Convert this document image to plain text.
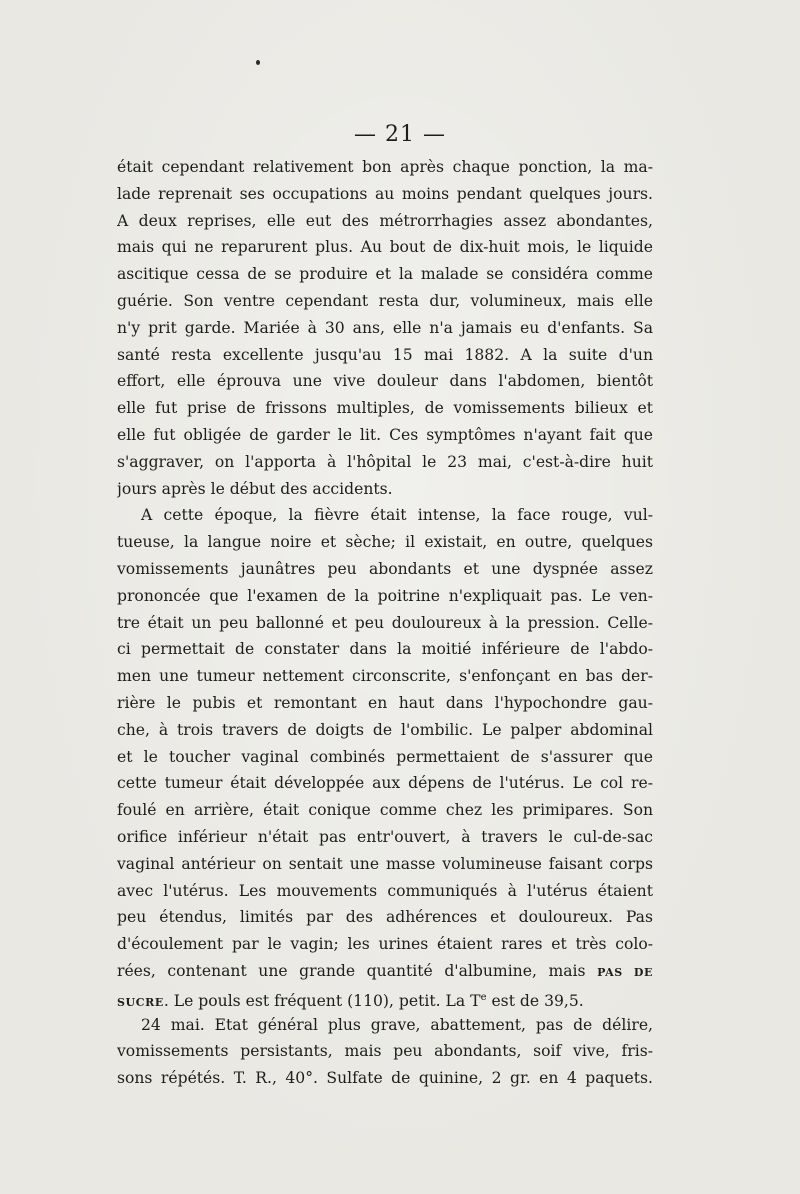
— 21 —
était cependant relativement bon après chaque ponction, la ma-
lade reprenait ses occupations au moins pendant quelques jours.
A deux reprises, elle eut des métrorrhagies assez abondantes,
mais qui ne reparurent plus. Au bout de dix-huit mois, le liquide
ascitique cessa de se produire et la malade se considéra comme
guérie. Son ventre cependant resta dur, volumineux, mais elle
n'y prit garde. Mariée à 30 ans, elle n'a jamais eu d'enfants. Sa
santé resta excellente jusqu'au 15 mai 1882. A la suite d'un
effort, elle éprouva une vive douleur dans l'abdomen, bientôt
elle fut prise de frissons multiples, de vomissements bilieux et
elle fut obligée de garder le lit. Ces symptômes n'ayant fait que
s'aggraver, on l'apporta à l'hôpital le 23 mai, c'est-à-dire huit
jours après le début des accidents.
A cette époque, la fièvre était intense, la face rouge, vul-
tueuse, la langue noire et sèche; il existait, en outre, quelques
vomissements jaunâtres peu abondants et une dyspnée assez
prononcée que l'examen de la poitrine n'expliquait pas. Le ven-
tre était un peu ballonné et peu douloureux à la pression. Celle-
ci permettait de constater dans la moitié inférieure de l'abdo-
men une tumeur nettement circonscrite, s'enfonçant en bas der-
rière le pubis et remontant en haut dans l'hypochondre gau-
che, à trois travers de doigts de l'ombilic. Le palper abdominal
et le toucher vaginal combinés permettaient de s'assurer que
cette tumeur était développée aux dépens de l'utérus. Le col re-
foulé en arrière, était conique comme chez les primipares. Son
orifice inférieur n'était pas entr'ouvert, à travers le cul-de-sac
vaginal antérieur on sentait une masse volumineuse faisant corps
avec l'utérus. Les mouvements communiqués à l'utérus étaient
peu étendus, limités par des adhérences et douloureux. Pas
d'écoulement par le vagin; les urines étaient rares et très colo-
rées, contenant une grande quantité d'albumine, mais PAS DE
SUCRE. Le pouls est fréquent (110), petit. La $T^e$ est de 39,5.
24 mai. Etat général plus grave, abattement, pas de délire,
vomissements persistants, mais peu abondants, soif vive, fris-
sons répétés. T. R., 40°. Sulfate de quinine, 2 gr. en 4 paquets.
